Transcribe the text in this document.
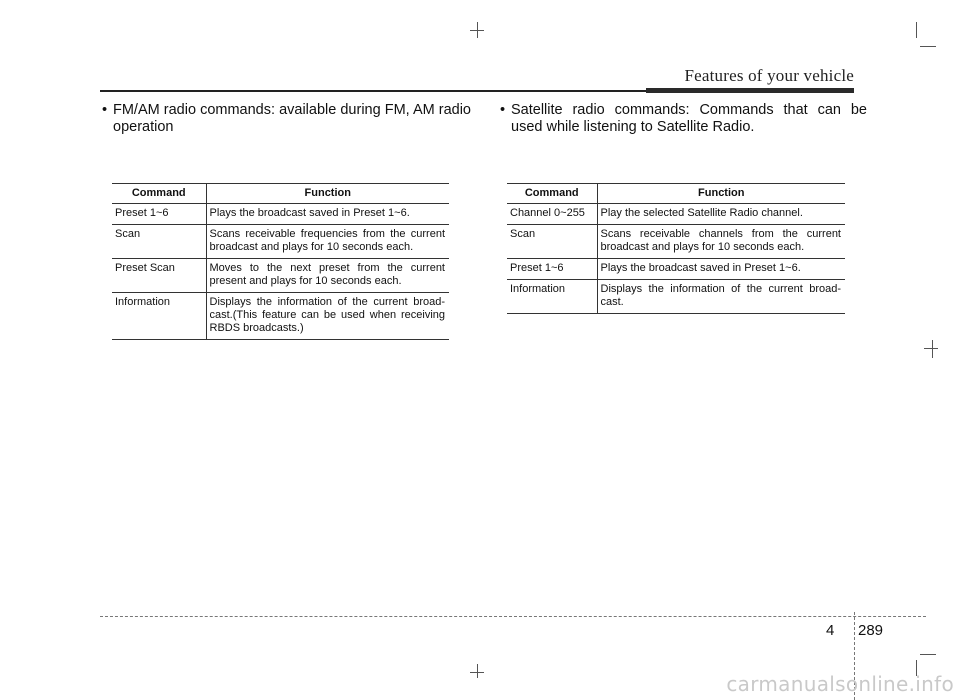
Features of your vehicle
• FM/AM radio commands: available during FM, AM radio operation
Command	Function
Preset 1~6	Plays the broadcast saved in Preset 1~6.
Scan	Scans receivable frequencies from the current broadcast and plays for 10 seconds each.
Preset Scan	Moves to the next preset from the current present and plays for 10 seconds each.
Information	Displays the information of the current broad-cast.(This feature can be used when receiving RBDS broadcasts.)
• Satellite radio commands: Commands that can be used while listening to Satellite Radio.
Command	Function
Channel 0~255	Play the selected Satellite Radio channel.
Scan	Scans receivable channels from the current broadcast and plays for 10 seconds each.
Preset 1~6	Plays the broadcast saved in Preset 1~6.
Information	Displays the information of the current broad-cast.
4 289
carmanualsonline.info
